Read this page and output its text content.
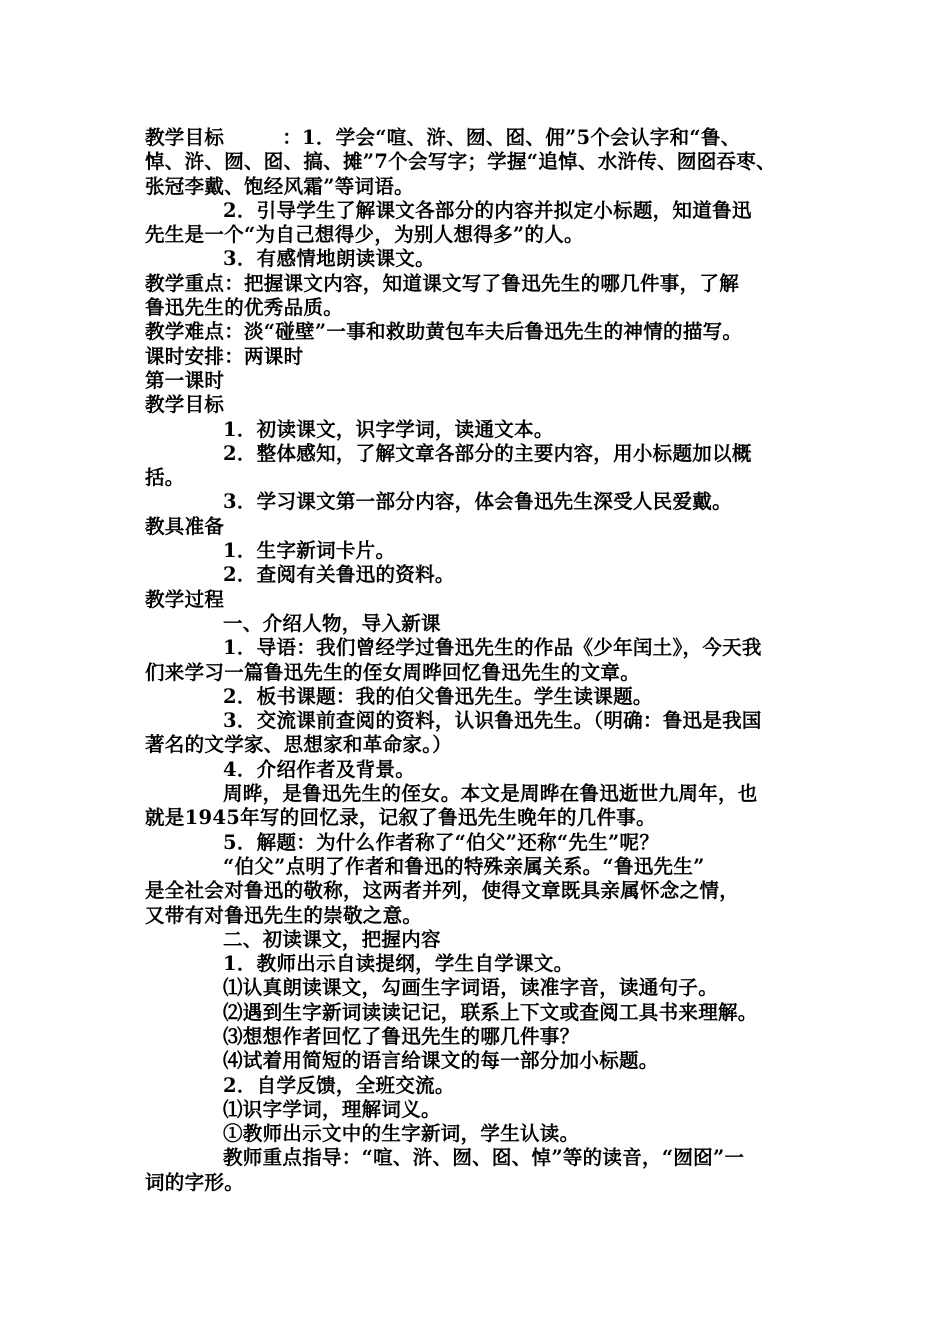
教学目标	：1．学会“喧、浒、囫、囵、佣”5个会认字和“鲁、
悼、浒、囫、囵、搞、摊”7个会写字；学握“追悼、水浒传、囫囵吞枣、
张冠李戴、饱经风霜”等词语。
2．引导学生了解课文各部分的内容并拟定小标题，知道鲁迅
先生是一个“为自己想得少，为别人想得多”的人。
3．有感情地朗读课文。
教学重点：把握课文内容，知道课文写了鲁迅先生的哪几件事，了解
鲁迅先生的优秀品质。
教学难点：淡“碰壁”一事和救助黄包车夫后鲁迅先生的神情的描写。
课时安排：两课时
第一课时
教学目标
1．初读课文，识字学词，读通文本。
2．整体感知，了解文章各部分的主要内容，用小标题加以概
括。
3．学习课文第一部分内容，体会鲁迅先生深受人民爱戴。
教具准备
1．生字新词卡片。
2．查阅有关鲁迅的资料。
教学过程
一、介绍人物，导入新课
1．导语：我们曾经学过鲁迅先生的作品《少年闰土》，今天我
们来学习一篇鲁迅先生的侄女周晔回忆鲁迅先生的文章。
2．板书课题：我的伯父鲁迅先生。学生读课题。
3．交流课前查阅的资料，认识鲁迅先生。（明确：鲁迅是我国
著名的文学家、思想家和革命家。）
4．介绍作者及背景。
周晔，是鲁迅先生的侄女。本文是周晔在鲁迅逝世九周年，也
就是1945年写的回忆录，记叙了鲁迅先生晚年的几件事。
5．解题：为什么作者称了“伯父”还称“先生”呢？
“伯父”点明了作者和鲁迅的特殊亲属关系。“鲁迅先生”
是全社会对鲁迅的敬称，这两者并列，使得文章既具亲属怀念之情，
又带有对鲁迅先生的崇敬之意。
二、初读课文，把握内容
1．教师出示自读提纲，学生自学课文。
⑴认真朗读课文，勾画生字词语，读准字音，读通句子。
⑵遇到生字新词读读记记，联系上下文或查阅工具书来理解。
⑶想想作者回忆了鲁迅先生的哪几件事？
⑷试着用简短的语言给课文的每一部分加小标题。
2．自学反馈，全班交流。
⑴识字学词，理解词义。
①教师出示文中的生字新词，学生认读。
教师重点指导：“喧、浒、囫、囵、悼”等的读音，“囫囵”一
词的字形。
